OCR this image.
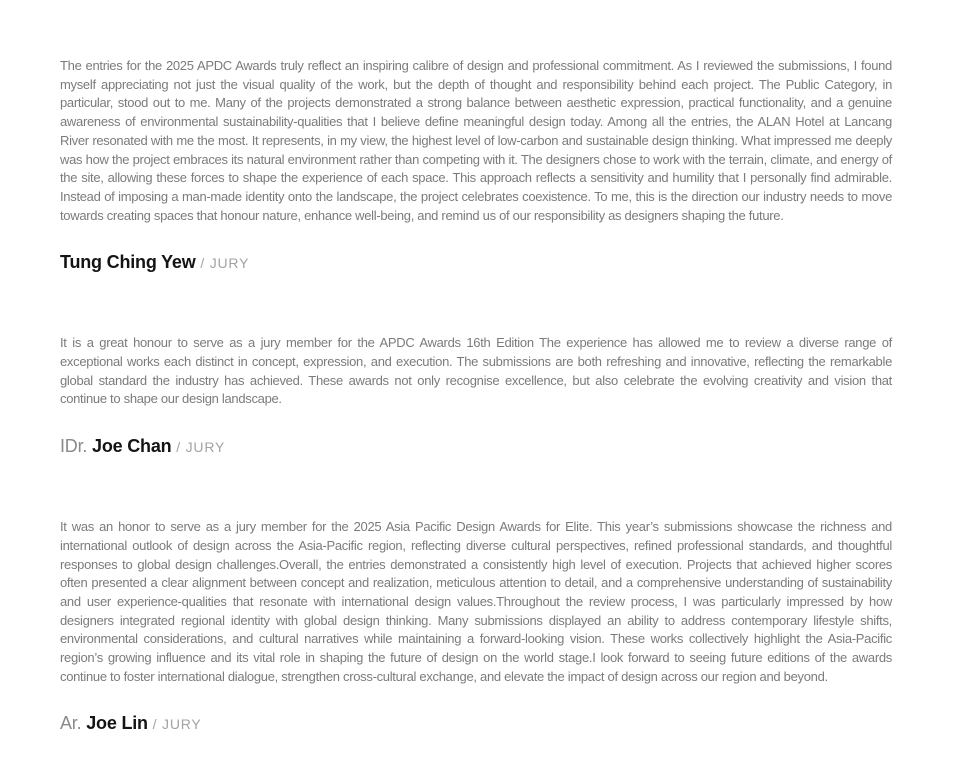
The entries for the 2025 APDC Awards truly reflect an inspiring calibre of design and professional commitment. As I reviewed the submissions, I found myself appreciating not just the visual quality of the work, but the depth of thought and responsibility behind each project. The Public Category, in particular, stood out to me. Many of the projects demonstrated a strong balance between aesthetic expression, practical functionality, and a genuine awareness of environmental sustainability-qualities that I believe define meaningful design today. Among all the entries, the ALAN Hotel at Lancang River resonated with me the most. It represents, in my view, the highest level of low-carbon and sustainable design thinking. What impressed me deeply was how the project embraces its natural environment rather than competing with it. The designers chose to work with the terrain, climate, and energy of the site, allowing these forces to shape the experience of each space. This approach reflects a sensitivity and humility that I personally find admirable. Instead of imposing a man-made identity onto the landscape, the project celebrates coexistence. To me, this is the direction our industry needs to move towards creating spaces that honour nature, enhance well-being, and remind us of our responsibility as designers shaping the future.

Tung Ching Yew / JURY

It is a great honour to serve as a jury member for the APDC Awards 16th Edition The experience has allowed me to review a diverse range of exceptional works each distinct in concept, expression, and execution. The submissions are both refreshing and innovative, reflecting the remarkable global standard the industry has achieved. These awards not only recognise excellence, but also celebrate the evolving creativity and vision that continue to shape our design landscape.

IDr. Joe Chan / JURY

It was an honor to serve as a jury member for the 2025 Asia Pacific Design Awards for Elite. This year’s submissions showcase the richness and international outlook of design across the Asia-Pacific region, reflecting diverse cultural perspectives, refined professional standards, and thoughtful responses to global design challenges.Overall, the entries demonstrated a consistently high level of execution. Projects that achieved higher scores often presented a clear alignment between concept and realization, meticulous attention to detail, and a comprehensive understanding of sustainability and user experience-qualities that resonate with international design values.Throughout the review process, I was particularly impressed by how designers integrated regional identity with global design thinking. Many submissions displayed an ability to address contemporary lifestyle shifts, environmental considerations, and cultural narratives while maintaining a forward-looking vision. These works collectively highlight the Asia-Pacific region’s growing influence and its vital role in shaping the future of design on the world stage.I look forward to seeing future editions of the awards continue to foster international dialogue, strengthen cross-cultural exchange, and elevate the impact of design across our region and beyond.

Ar. Joe Lin / JURY
